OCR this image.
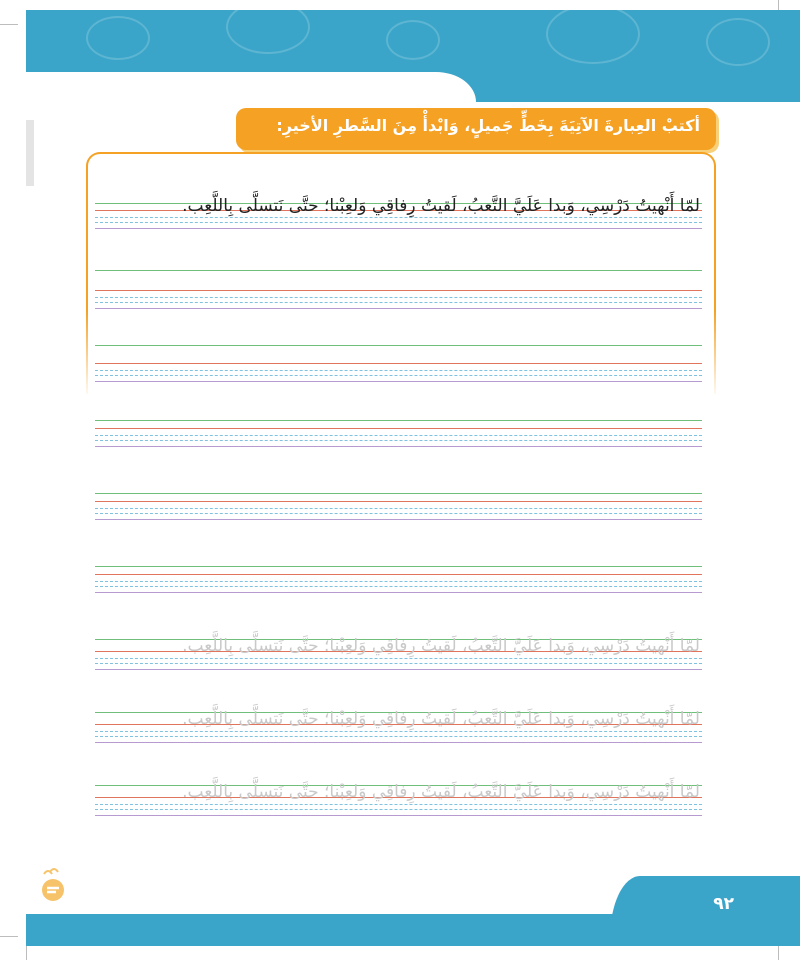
أكتبْ العِبارةَ الآتِيَةَ بِخَطٍّ جَميلٍ، وَابْدأْ مِنَ السَّطرِ الأخيرِ:
لمّا أَنْهيتُ دَرْسِي، وَبدا عَلَيَّ التَّعبُ، لَقيتُ رِفاقِي وَلعِبْنا؛ حتَّى نَتسلَّى بِاللَّعِب.
لمّا أَنْهيتُ دَرْسِي، وَبدا عَلَيَّ التَّعبُ، لَقيتُ رِفاقِي وَلعِبْنا؛ حتَّى نَتسلَّى بِاللَّعِب.
لمّا أَنْهيتُ دَرْسِي، وَبدا عَلَيَّ التَّعبُ، لَقيتُ رِفاقِي وَلعِبْنا؛ حتَّى نَتسلَّى بِاللَّعِب.
لمّا أَنْهيتُ دَرْسِي، وَبدا عَلَيَّ التَّعبُ، لَقيتُ رِفاقِي وَلعِبْنا؛ حتَّى نَتسلَّى بِاللَّعِب.
٩٢
